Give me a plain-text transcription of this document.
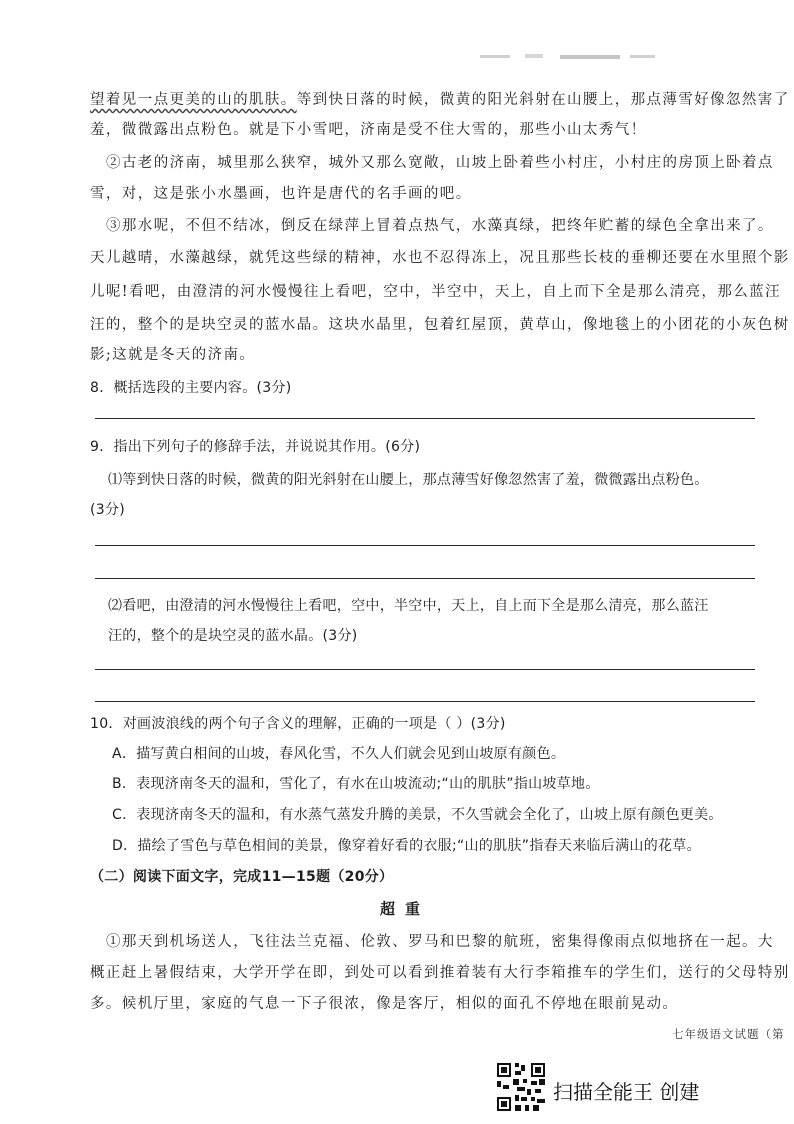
望着见一点更美的山的肌肤。等到快日落的时候，微黄的阳光斜射在山腰上，那点薄雪好像忽然害了
羞，微微露出点粉色。就是下小雪吧，济南是受不住大雪的，那些小山太秀气！
②古老的济南，城里那么狭窄，城外又那么宽敞，山坡上卧着些小村庄，小村庄的房顶上卧着点
雪，对，这是张小水墨画，也许是唐代的名手画的吧。
③那水呢，不但不结冰，倒反在绿萍上冒着点热气，水藻真绿，把终年贮蓄的绿色全拿出来了。
天儿越晴，水藻越绿，就凭这些绿的精神，水也不忍得冻上，况且那些长枝的垂柳还要在水里照个影
儿呢!看吧，由澄清的河水慢慢往上看吧，空中，半空中，天上，自上而下全是那么清亮，那么蓝汪
汪的，整个的是块空灵的蓝水晶。这块水晶里，包着红屋顶，黄草山，像地毯上的小团花的小灰色树
影;这就是冬天的济南。
8．概括选段的主要内容。(3分)
9．指出下列句子的修辞手法，并说说其作用。(6分)
⑴等到快日落的时候，微黄的阳光斜射在山腰上，那点薄雪好像忽然害了羞，微微露出点粉色。
(3分)
⑵看吧，由澄清的河水慢慢往上看吧，空中，半空中，天上，自上而下全是那么清亮，那么蓝汪
汪的，整个的是块空灵的蓝水晶。(3分)
10．对画波浪线的两个句子含义的理解，正确的一项是（ ）(3分)
A．描写黄白相间的山坡，春风化雪，不久人们就会见到山坡原有颜色。
B．表现济南冬天的温和，雪化了，有水在山坡流动;“山的肌肤”指山坡草地。
C．表现济南冬天的温和，有水蒸气蒸发升腾的美景，不久雪就会全化了，山坡上原有颜色更美。
D．描绘了雪色与草色相间的美景，像穿着好看的衣服;“山的肌肤”指春天来临后满山的花草。
（二）阅读下面文字，完成11—15题（20分）
超重
①那天到机场送人，飞往法兰克福、伦敦、罗马和巴黎的航班，密集得像雨点似地挤在一起。大
概正赶上暑假结束，大学开学在即，到处可以看到推着装有大行李箱推车的学生们，送行的父母特别
多。候机厅里，家庭的气息一下子很浓，像是客厅，相似的面孔不停地在眼前晃动。
七年级语文试题（第
扫描全能王 创建
